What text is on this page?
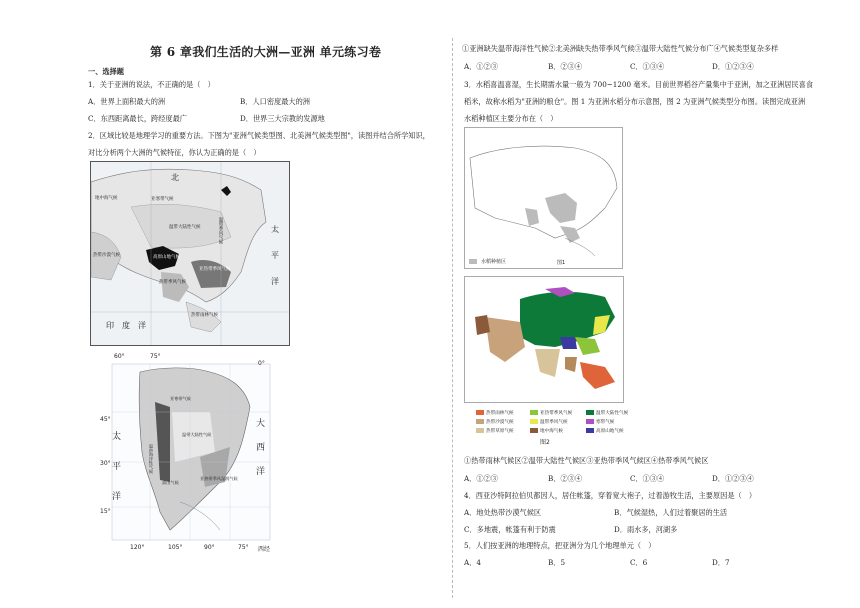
第 6 章我们生活的大洲—亚洲 单元练习卷
一、选择题
1．关于亚洲的说法，不正确的是（　）
A．世界上面积最大的洲	B．人口密度最大的洲
C．东西距离最长，跨经度最广	D．世界三大宗教的发源地
2．区域比较是地理学习的重要方法。下图为"亚洲气候类型图、北美洲气候类型图"，读图并结合所学知识，
对比分析两个大洲的气候特征，你认为正确的是（　）
北
亚寒带气候
地中海气候
温带大陆性气候
热带沙漠气候
温带季风气候
亚热带季风气候
高原山地气候
热带季风气候
热带雨林气候
太
平
洋
印　度　洋
60°	75°
0°
45°
30°
15°
太
平
洋
大
西
洋
亚寒带气候
温带大陆性气候
温带海洋性气候
亚热带季风湿润气候
高山气候
120°	105°	90°	75° 西经
①亚洲缺失温带海洋性气候②北美洲缺失热带季风气候③温带大陆性气候分布广④气候类型复杂多样
A．①②③	B．②③④	C．①③④	D．①②③④
3．水稻喜温喜湿，生长期需水量一般为 700~1200 毫米。目前世界稻谷产量集中于亚洲，加之亚洲居民喜食
稻米，故称水稻为"亚洲的粮仓"。图 1 为亚洲水稻分布示意图，图 2 为亚洲气候类型分布图。读图完成亚洲
水稻种植区主要分布在（　）
水稻种植区	图1
热带雨林气候	亚热带季风气候	温带大陆性气候
热带沙漠气候	温带季风气候	寒带气候
热带草原气候	地中海气候	高原山地气候
图2
①热带雨林气候区②温带大陆性气候区③亚热带季风气候区④热带季风气候区
A．①②③	B．②③④	C．①③④	D．①②③④
4．西亚沙特阿拉伯贝都因人，居住帐篷，穿着宽大袍子，过着游牧生活，主要原因是（　）
A．地处热带沙漠气候区	B．气候湿热，人们过着聚居的生活
C．多地震，帐篷有利于防震	D．雨水多，河湖多
5．人们按亚洲的地理特点，把亚洲分为几个地理单元（　）
A．4	B．5	C．6	D．7
